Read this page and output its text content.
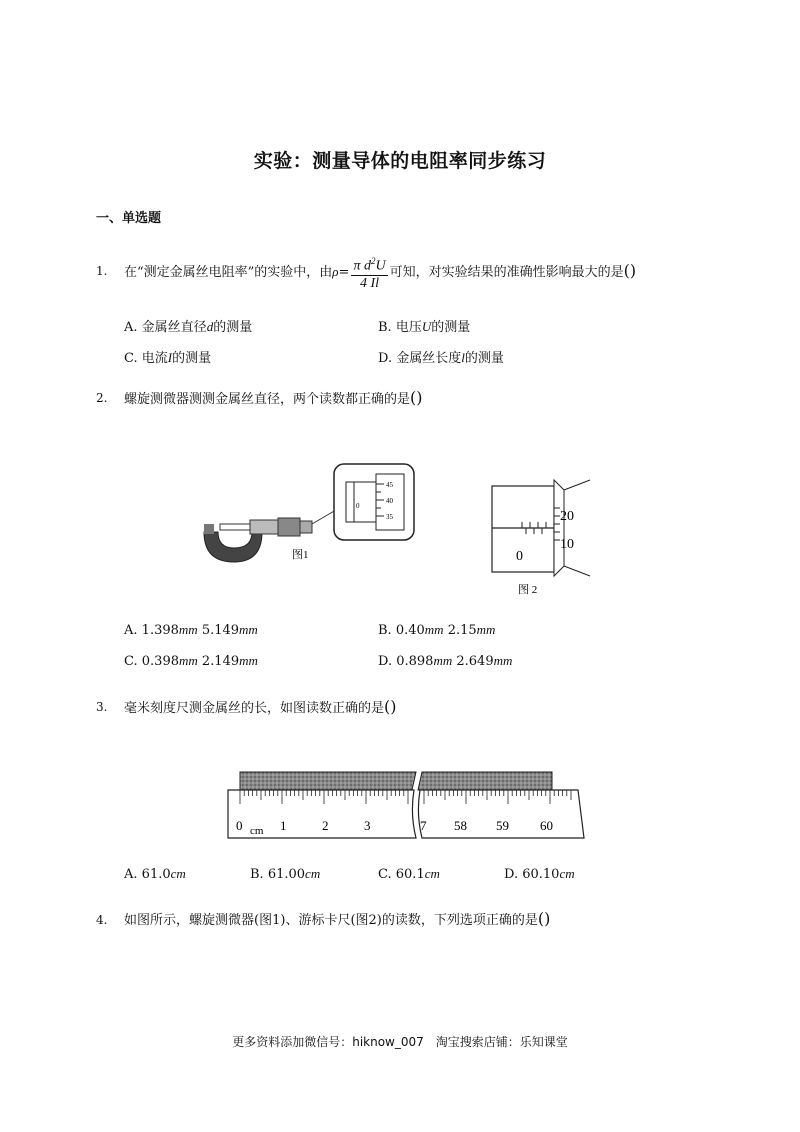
实验：测量导体的电阻率同步练习
一、单选题
1. 在“测定金属丝电阻率”的实验中，由$\rho= \frac{\pi d^2U}{4 Il}$ 可知，对实验结果的准确性影响最大的是()
A. 金属丝直径d的测量	B. 电压U的测量
C. 电流I的测量	D. 金属丝长度l的测量
2. 螺旋测微器测测金属丝直径，两个读数都正确的是()
45
40
35
0
图1
20
10
0
图 2
A. 1.398mm 5.149mm	B. 0.40mm 2.15mm
C. 0.398mm 2.149mm	D. 0.898mm 2.649mm
3. 毫米刻度尺测金属丝的长，如图读数正确的是()
0 cm 1	2	3	7 58 59 60
A. 61.0cm	B. 61.00cm	C. 60.1cm	D. 60.10cm
4. 如图所示，螺旋测微器(图1)、游标卡尺(图2)的读数，下列选项正确的是()
更多资料添加微信号：hiknow_007　淘宝搜索店铺：乐知课堂
